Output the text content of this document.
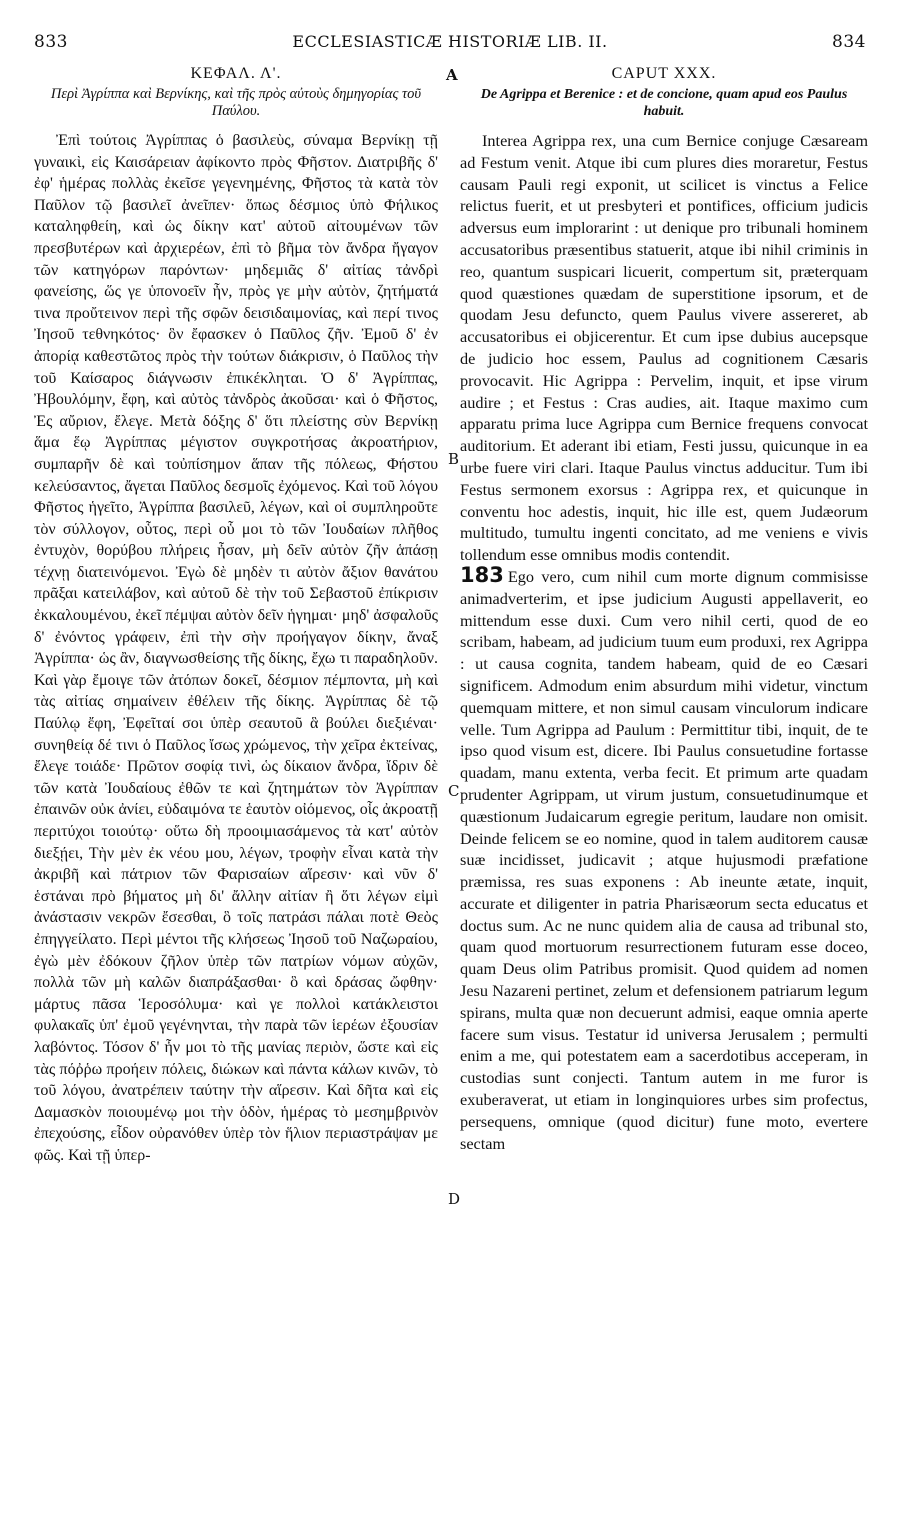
833	ECCLESIASTICÆ HISTORIÆ LIB. II.	834
A
B
C
D
ΚΕΦΑΛ. Λ'.

Περὶ Ἀγρίππα καὶ Βερνίκης, καὶ τῆς πρὸς αὐτοὺς δημηγορίας τοῦ Παύλου.

Ἐπὶ τούτοις Ἀγρίππας ὁ βασιλεὺς, σύναμα Βερνίκῃ τῇ γυναικὶ, εἰς Καισάρειαν ἀφίκοντο πρὸς Φῆστον. Διατριβῆς δ' ἐφ' ἡμέρας πολλὰς ἐκεῖσε γεγενημένης, Φῆστος τὰ κατὰ τὸν Παῦλον τῷ βασιλεῖ ἀνεῖπεν· ὅπως δέσμιος ὑπὸ Φήλικος καταληφθείη, καὶ ὡς δίκην κατ' αὐτοῦ αἰτουμένων τῶν πρεσβυτέρων καὶ ἀρχιερέων, ἐπὶ τὸ βῆμα τὸν ἄνδρα ἤγαγον τῶν κατηγόρων παρόντων· μηδεμιᾶς δ' αἰτίας τἀνδρὶ φανείσης, ὥς γε ὑπονοεῖν ἦν, πρὸς γε μὴν αὐτὸν, ζητήματά τινα προὔτεινον περὶ τῆς σφῶν δεισιδαιμονίας, καὶ περί τινος Ἰησοῦ τεθνηκότος· ὃν ἔφασκεν ὁ Παῦλος ζῆν. Ἐμοῦ δ' ἐν ἀπορίᾳ καθεστῶτος πρὸς τὴν τούτων διάκρισιν, ὁ Παῦλος τὴν τοῦ Καίσαρος διάγνωσιν ἐπικέκληται. Ὁ δ' Ἀγρίππας, Ἠβουλόμην, ἔφη, καὶ αὐτὸς τἀνδρὸς ἀκοῦσαι· καὶ ὁ Φῆστος, Ἐς αὔριον, ἔλεγε. Μετὰ δόξης δ' ὅτι πλείστης σὺν Βερνίκῃ ἅμα ἕῳ Ἀγρίππας μέγιστον συγκροτήσας ἀκροατήριον, συμπαρῆν δὲ καὶ τοὐπίσημον ἅπαν τῆς πόλεως, Φήστου κελεύσαντος, ἄγεται Παῦλος δεσμοῖς ἐχόμενος. Καὶ τοῦ λόγου Φῆστος ἡγεῖτο, Ἀγρίππα βασιλεῦ, λέγων, καὶ οἱ συμπληροῦτε τὸν σύλλογον, οὗτος, περὶ οὗ μοι τὸ τῶν Ἰουδαίων πλῆθος ἐντυχὸν, θορύβου πλήρεις ἦσαν, μὴ δεῖν αὐτὸν ζῆν ἁπάσῃ τέχνῃ διατεινόμενοι. Ἐγὼ δὲ μηδὲν τι αὐτὸν ἄξιον θανάτου πρᾶξαι κατειλάβον, καὶ αὐτοῦ δὲ τὴν τοῦ Σεβαστοῦ ἐπίκρισιν ἐκκαλουμένου, ἐκεῖ πέμψαι αὐτὸν δεῖν ἡγημαι· μηδ' ἀσφαλοῦς δ' ἐνόντος γράφειν, ἐπὶ τὴν σὴν προήγαγον δίκην, ἄναξ Ἀγρίππα· ὡς ἂν, διαγνωσθείσης τῆς δίκης, ἔχω τι παραδηλοῦν. Καὶ γὰρ ἔμοιγε τῶν ἀτόπων δοκεῖ, δέσμιον πέμποντα, μὴ καὶ τὰς αἰτίας σημαίνειν ἐθέλειν τῆς δίκης. Ἀγρίππας δὲ τῷ Παύλῳ ἔφη, Ἐφεῖταί σοι ὑπὲρ σεαυτοῦ ἃ βούλει διεξιέναι· συνηθείᾳ δέ τινι ὁ Παῦλος ἴσως χρώμενος, τὴν χεῖρα ἐκτείνας, ἔλεγε τοιάδε· Πρῶτον σοφίᾳ τινὶ, ὡς δίκαιον ἄνδρα, ἴδριν δὲ τῶν κατὰ Ἰουδαίους ἐθῶν τε καὶ ζητημάτων τὸν Ἀγρίππαν ἐπαινῶν οὐκ ἀνίει, εὐδαιμόνα τε ἑαυτὸν οἰόμενος, οἷς ἀκροατῇ περιτύχοι τοιούτῳ· οὕτω δὴ προοιμιασάμενος τὰ κατ' αὐτὸν διεξῄει, Τὴν μὲν ἐκ νέου μου, λέγων, τροφὴν εἶναι κατὰ τὴν ἀκριβῆ καὶ πάτριον τῶν Φαρισαίων αἵρεσιν· καὶ νῦν δ' ἑστάναι πρὸ βήματος μὴ δι' ἄλλην αἰτίαν ἢ ὅτι λέγων εἰμὶ ἀνάστασιν νεκρῶν ἔσεσθαι, ὃ τοῖς πατράσι πάλαι ποτὲ Θεὸς ἐπηγγείλατο. Περὶ μέντοι τῆς κλήσεως Ἰησοῦ τοῦ Ναζωραίου, ἐγὼ μὲν ἐδόκουν ζῆλον ὑπὲρ τῶν πατρίων νόμων αὐχῶν, πολλὰ τῶν μὴ καλῶν διαπράξασθαι· ὃ καὶ δράσας ὤφθην· μάρτυς πᾶσα Ἱεροσόλυμα· καὶ γε πολλοὶ κατάκλειστοι φυλακαῖς ὑπ' ἐμοῦ γεγένηνται, τὴν παρὰ τῶν ἱερέων ἐξουσίαν λαβόντος. Τόσον δ' ἦν μοι τὸ τῆς μανίας περιὸν, ὥστε καὶ εἰς τὰς πόῤῥω προήειν πόλεις, διώκων καὶ πάντα κάλων κινῶν, τὸ τοῦ λόγου, ἀνατρέπειν ταύτην τὴν αἵρεσιν. Καὶ δῆτα καὶ εἰς Δαμασκὸν ποιουμένῳ μοι τὴν ὁδὸν, ἡμέρας τὸ μεσημβρινὸν ἐπεχούσης, εἶδον οὐρανόθεν ὑπὲρ τὸν ἥλιον περιαστράψαν με φῶς. Καὶ τῇ ὑπερ-

CAPUT XXX.

De Agrippa et Berenice : et de concione, quam apud eos Paulus habuit.

Interea Agrippa rex, una cum Bernice conjuge Cæsaream ad Festum venit. Atque ibi cum plures dies moraretur, Festus causam Pauli regi exponit, ut scilicet is vinctus a Felice relictus fuerit, et ut presbyteri et pontifices, officium judicis adversus eum implorarint : ut denique pro tribunali hominem accusatoribus præsentibus statuerit, atque ibi nihil criminis in reo, quantum suspicari licuerit, compertum sit, præterquam quod quæstiones quædam de superstitione ipsorum, et de quodam Jesu defuncto, quem Paulus vivere assereret, ab accusatoribus ei objicerentur. Et cum ipse dubius aucepsque de judicio hoc essem, Paulus ad cognitionem Cæsaris provocavit. Hic Agrippa : Pervelim, inquit, et ipse virum audire ; et Festus : Cras audies, ait. Itaque maximo cum apparatu prima luce Agrippa cum Bernice frequens convocat auditorium. Et aderant ibi etiam, Festi jussu, quicunque in ea urbe fuere viri clari. Itaque Paulus vinctus adducitur. Tum ibi Festus sermonem exorsus : Agrippa rex, et quicunque in conventu hoc adestis, inquit, hic ille est, quem Judæorum multitudo, tumultu ingenti concitato, ad me veniens e vivis tollendum esse omnibus modis contendit.

183 Ego vero, cum nihil cum morte dignum commisisse animadverterim, et ipse judicium Augusti appellaverit, eo mittendum esse duxi. Cum vero nihil certi, quod de eo scribam, habeam, ad judicium tuum eum produxi, rex Agrippa : ut causa cognita, tandem habeam, quid de eo Cæsari significem. Admodum enim absurdum mihi videtur, vinctum quemquam mittere, et non simul causam vinculorum indicare velle. Tum Agrippa ad Paulum : Permittitur tibi, inquit, de te ipso quod visum est, dicere. Ibi Paulus consuetudine fortasse quadam, manu extenta, verba fecit. Et primum arte quadam prudenter Agrippam, ut virum justum, consuetudinumque et quæstionum Judaicarum egregie peritum, laudare non omisit. Deinde felicem se eo nomine, quod in talem auditorem causæ suæ incidisset, judicavit ; atque hujusmodi præfatione præmissa, res suas exponens : Ab ineunte ætate, inquit, accurate et diligenter in patria Pharisæorum secta educatus et doctus sum. Ac ne nunc quidem alia de causa ad tribunal sto, quam quod mortuorum resurrectionem futuram esse doceo, quam Deus olim Patribus promisit. Quod quidem ad nomen Jesu Nazareni pertinet, zelum et defensionem patriarum legum spirans, multa quæ non decuerunt admisi, eaque omnia aperte facere sum visus. Testatur id universa Jerusalem ; permulti enim a me, qui potestatem eam a sacerdotibus acceperam, in custodias sunt conjecti. Tantum autem in me furor is exuberaverat, ut etiam in longinquiores urbes sim profectus, persequens, omnique (quod dicitur) fune moto, evertere sectam
